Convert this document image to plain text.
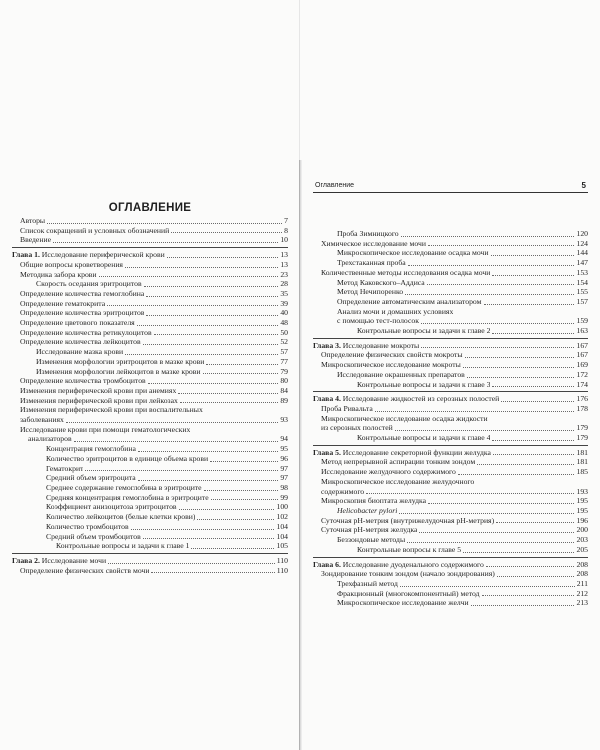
ОГЛАВЛЕНИЕ
Авторы	7
Список сокращений и условных обозначений	8
Введение	10
Глава 1. Исследование периферической крови	13
Общие вопросы кроветворения	13
Методика забора крови	23
Скорость оседания эритроцитов	28
Определение количества гемоглобина	35
Определение гематокрита	39
Определение количества эритроцитов	40
Определение цветового показателя	48
Определение количества ретикулоцитов	50
Определение количества лейкоцитов	52
Исследование мазка крови	57
Изменения морфологии эритроцитов в мазке крови	77
Изменения морфологии лейкоцитов в мазке крови	79
Определение количества тромбоцитов	80
Изменения периферической крови при анемиях	84
Изменения периферической крови при лейкозах	89
Изменения периферической крови при воспалительных
заболеваниях	93
Исследование крови при помощи гематологических
анализаторов	94
Концентрация гемоглобина	95
Количество эритроцитов в единице объема крови	96
Гематокрит	97
Средний объем эритроцита	97
Среднее содержание гемоглобина в эритроците	98
Средняя концентрация гемоглобина в эритроците	99
Коэффициент анизоцитоза эритроцитов	100
Количество лейкоцитов (белые клетки крови)	102
Количество тромбоцитов	104
Средний объем тромбоцитов	104
Контрольные вопросы и задачи к главе 1	105
Глава 2. Исследование мочи	110
Определение физических свойств мочи	110
Оглавление	5
Проба Зимницкого	120
Химическое исследование мочи	124
Микроскопическое исследование осадка мочи	144
Трехстаканная проба	147
Количественные методы исследования осадка мочи	153
Метод Каковского–Аддиса	154
Метод Нечипоренко	155
Определение автоматическим анализатором	157
Анализ мочи и домашних условиях
с помощью тест-полосок	159
Контрольные вопросы и задачи к главе 2	163
Глава 3. Исследование мокроты	167
Определение физических свойств мокроты	167
Микроскопическое исследование мокроты	169
Исследование окрашенных препаратов	172
Контрольные вопросы и задачи к главе 3	174
Глава 4. Исследование жидкостей из серозных полостей	176
Проба Ривальта	178
Микроскопическое исследование осадка жидкости
из серозных полостей	179
Контрольные вопросы и задачи к главе 4	179
Глава 5. Исследование секреторной функции желудка	181
Метод непрерывной аспирации тонким зондом	181
Исследование желудочного содержимого	185
Микроскопическое исследование желудочного
содержимого	193
Микроскопия биоптата желудка	195
Helicobacter pylori	195
Суточная рН-метрия (внутрижелудочная рН-метрия)	196
Суточная рН-метрия желудка	200
Беззондовые методы	203
Контрольные вопросы к главе 5	205
Глава 6. Исследование дуоденального содержимого	208
Зондирование тонким зондом (начало зондирования)	208
Трехфазный метод	211
Фракционный (многокомпонентный) метод	212
Микроскопическое исследование желчи	213
